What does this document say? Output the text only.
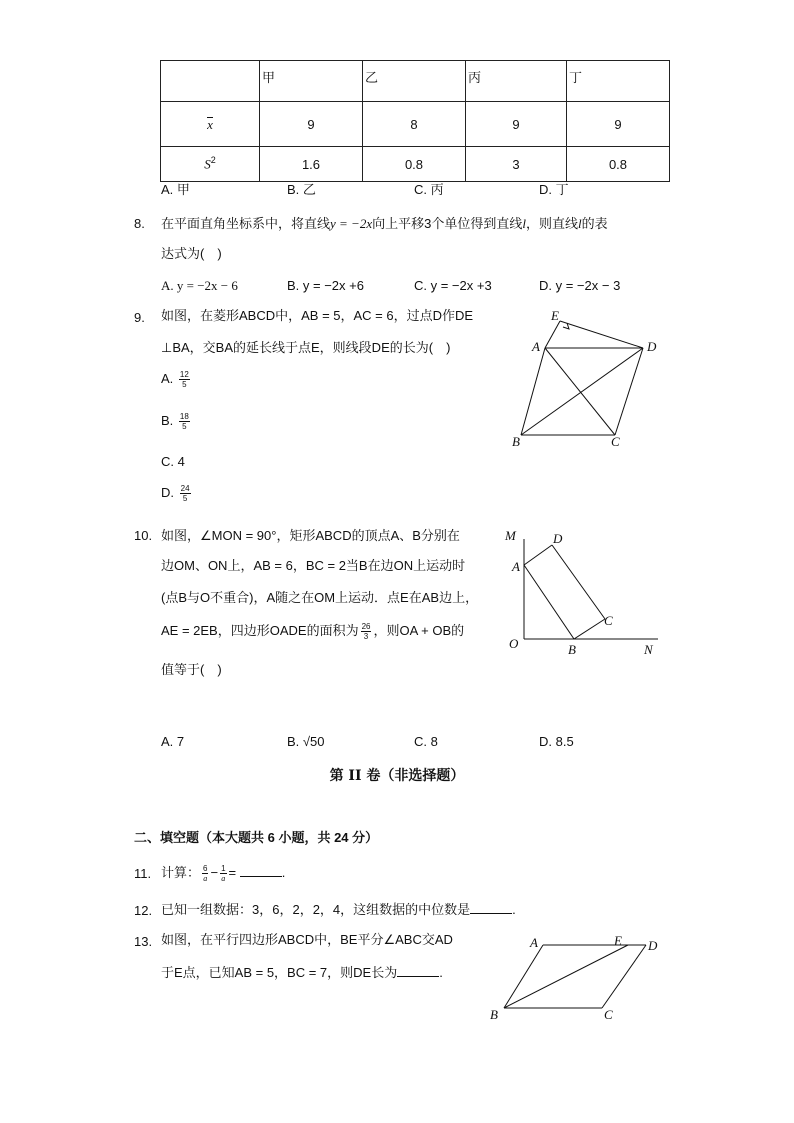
	甲	乙	丙	丁
x	9	8	9	9
$S^2$	1.6	0.8	3	0.8
A. 甲	B. 乙	C. 丙	D. 丁
8. 在平面直角坐标系中，将直线y = −2x向上平移3个单位得到直线l，则直线l的表
达式为(　)
A. y = −2x − 6	B. y = −2x +6	C. y = −2x +3	D. y = −2x − 3
9. 如图，在菱形ABCD中，AB = 5，AC = 6，过点D作DE
⊥BA，交BA的延长线于点E，则线段DE的长为(　)
A. $\frac{12}{5}$
B. $\frac{18}{5}$
C. 4
D. $\frac{24}{5}$
E
A	D
B	C
10. 如图，∠MON = 90°，矩形ABCD的顶点A、B分别在
边OM、ON上，AB = 6，BC = 2当B在边ON上运动时
(点B与O不重合)，A随之在OM上运动．点E在AB边上，
AE = 2EB，四边形OADE的面积为 $\frac{26}{3}$ ，则OA + OB的
值等于(　)
M	D
A
C
O	B	N
A. 7	B. √50	C. 8	D. 8.5
第 II 卷（非选择题）
二、填空题（本大题共 6 小题，共 24 分）
11. 计算： $\frac{6}{a} - \frac{1}{a}$ =	.
12. 已知一组数据：3，6，2，2，4，这组数据的中位数是	.
13. 如图，在平行四边形ABCD中，BE平分∠ABC交AD
于E点，已知AB = 5，BC = 7，则DE长为	.
A	E D
B	C
